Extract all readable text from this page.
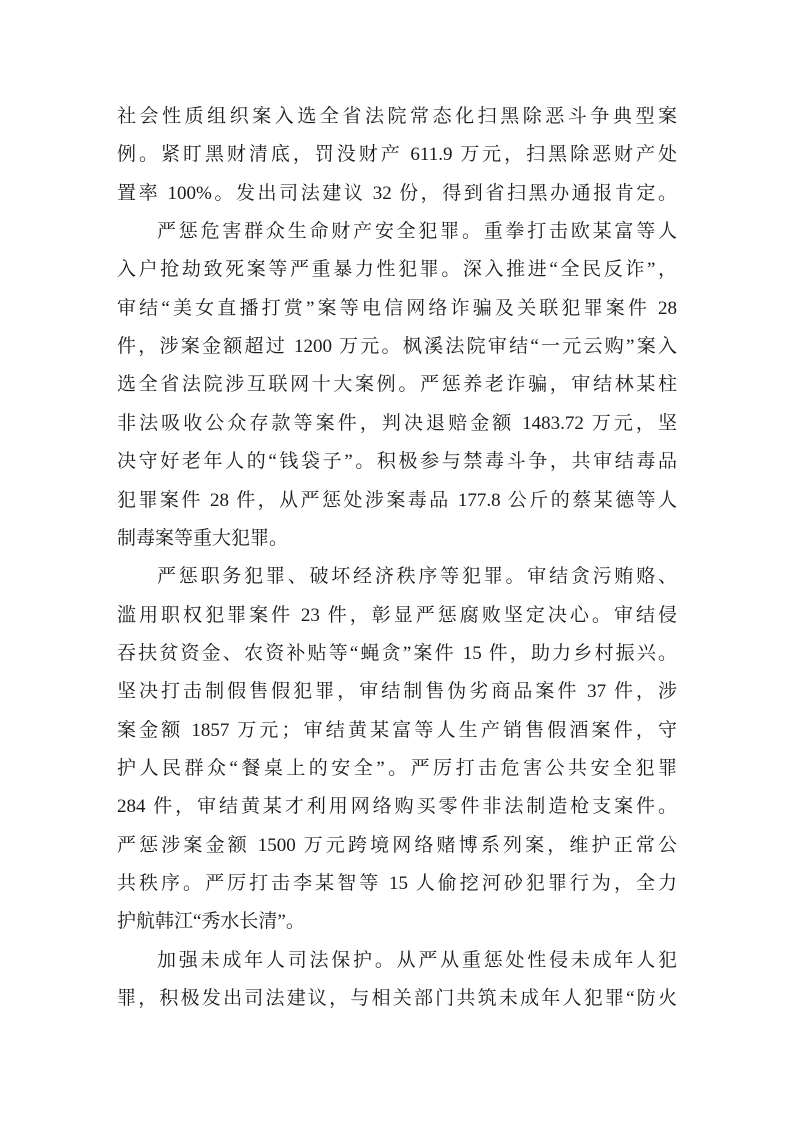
社会性质组织案入选全省法院常态化扫黑除恶斗争典型案
例。紧盯黑财清底，罚没财产 611.9 万元，扫黑除恶财产处
置率 100%。发出司法建议 32 份，得到省扫黑办通报肯定。
严惩危害群众生命财产安全犯罪。重拳打击欧某富等人
入户抢劫致死案等严重暴力性犯罪。深入推进“全民反诈”，
审结“美女直播打赏”案等电信网络诈骗及关联犯罪案件 28
件，涉案金额超过 1200 万元。枫溪法院审结“一元云购”案入
选全省法院涉互联网十大案例。严惩养老诈骗，审结林某柱
非法吸收公众存款等案件，判决退赔金额 1483.72 万元，坚
决守好老年人的“钱袋子”。积极参与禁毒斗争，共审结毒品
犯罪案件 28 件，从严惩处涉案毒品 177.8 公斤的蔡某德等人
制毒案等重大犯罪。
严惩职务犯罪、破坏经济秩序等犯罪。审结贪污贿赂、
滥用职权犯罪案件 23 件，彰显严惩腐败坚定决心。审结侵
吞扶贫资金、农资补贴等“蝇贪”案件 15 件，助力乡村振兴。
坚决打击制假售假犯罪，审结制售伪劣商品案件 37 件，涉
案金额 1857 万元；审结黄某富等人生产销售假酒案件，守
护人民群众“餐桌上的安全”。严厉打击危害公共安全犯罪
284 件，审结黄某才利用网络购买零件非法制造枪支案件。
严惩涉案金额 1500 万元跨境网络赌博系列案，维护正常公
共秩序。严厉打击李某智等 15 人偷挖河砂犯罪行为，全力
护航韩江“秀水长清”。
加强未成年人司法保护。从严从重惩处性侵未成年人犯
罪，积极发出司法建议，与相关部门共筑未成年人犯罪“防火
